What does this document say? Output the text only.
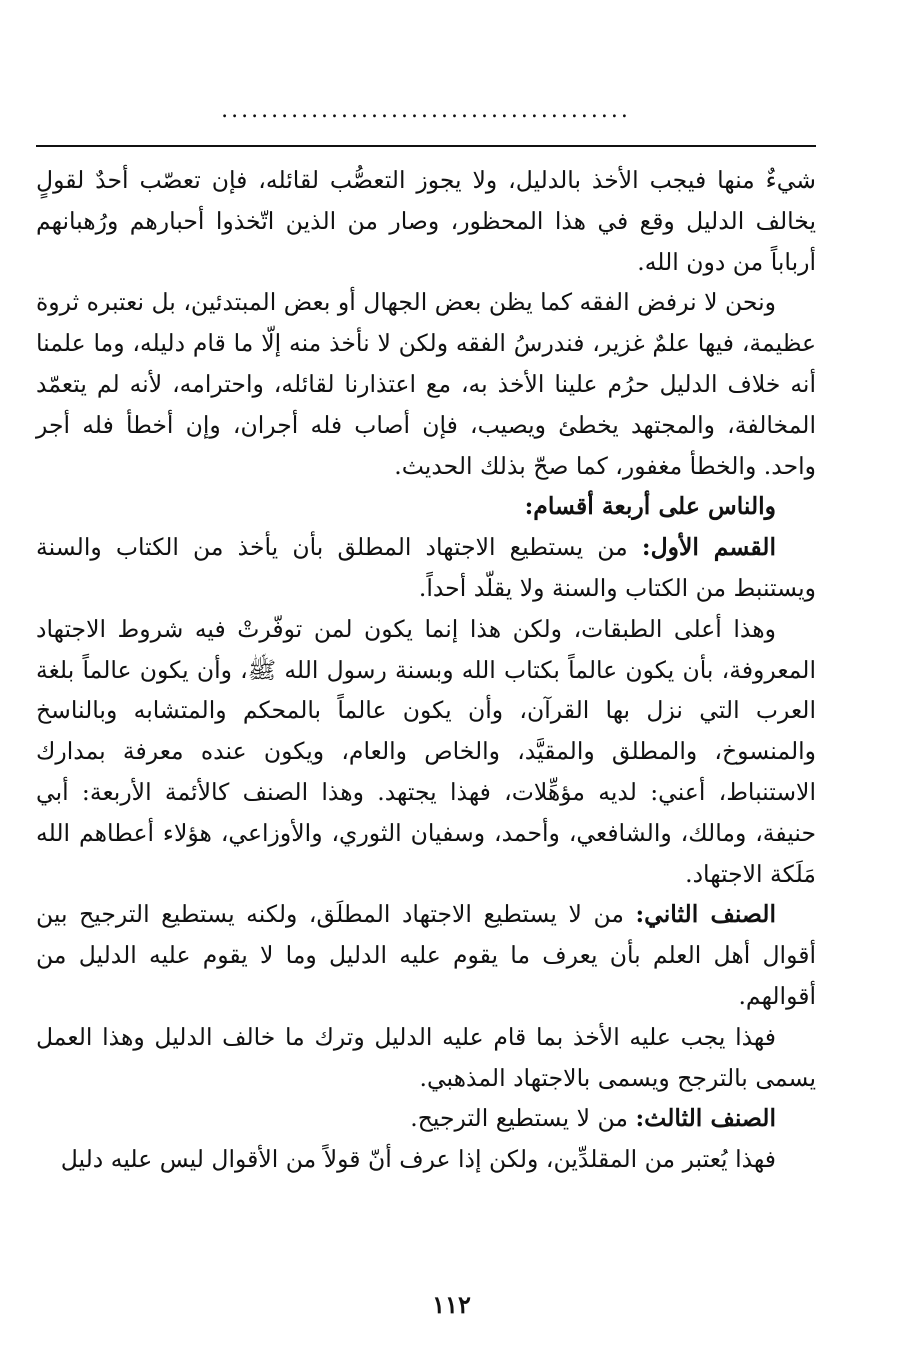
.........................................

شيءٌ منها فيجب الأخذ بالدليل، ولا يجوز التعصُّب لقائله، فإن تعصّب أحدٌ لقولٍ يخالف الدليل وقع في هذا المحظور، وصار من الذين اتّخذوا أحبارهم ورُهبانهم أرباباً من دون الله.

ونحن لا نرفض الفقه كما يظن بعض الجهال أو بعض المبتدئين، بل نعتبره ثروة عظيمة، فيها علمٌ غزير، فندرسُ الفقه ولكن لا نأخذ منه إلّا ما قام دليله، وما علمنا أنه خلاف الدليل حرُم علينا الأخذ به، مع اعتذارنا لقائله، واحترامه، لأنه لم يتعمّد المخالفة، والمجتهد يخطئ ويصيب، فإن أصاب فله أجران، وإن أخطأ فله أجر واحد. والخطأ مغفور، كما صحّ بذلك الحديث.

والناس على أربعة أقسام:

القسم الأول: من يستطيع الاجتهاد المطلق بأن يأخذ من الكتاب والسنة ويستنبط من الكتاب والسنة ولا يقلّد أحداً.

وهذا أعلى الطبقات، ولكن هذا إنما يكون لمن توفّرتْ فيه شروط الاجتهاد المعروفة، بأن يكون عالماً بكتاب الله وبسنة رسول الله ﷺ، وأن يكون عالماً بلغة العرب التي نزل بها القرآن، وأن يكون عالماً بالمحكم والمتشابه وبالناسخ والمنسوخ، والمطلق والمقيَّد، والخاص والعام، ويكون عنده معرفة بمدارك الاستنباط، أعني: لديه مؤهِّلات، فهذا يجتهد. وهذا الصنف كالأئمة الأربعة: أبي حنيفة، ومالك، والشافعي، وأحمد، وسفيان الثوري، والأوزاعي، هؤلاء أعطاهم الله مَلَكة الاجتهاد.

الصنف الثاني: من لا يستطيع الاجتهاد المطلَق، ولكنه يستطيع الترجيح بين أقوال أهل العلم بأن يعرف ما يقوم عليه الدليل وما لا يقوم عليه الدليل من أقوالهم.

فهذا يجب عليه الأخذ بما قام عليه الدليل وترك ما خالف الدليل وهذا العمل يسمى بالترجح ويسمى بالاجتهاد المذهبي.

الصنف الثالث: من لا يستطيع الترجيح.

فهذا يُعتبر من المقلدِّين، ولكن إذا عرف أنّ قولاً من الأقوال ليس عليه دليل

١١٢
